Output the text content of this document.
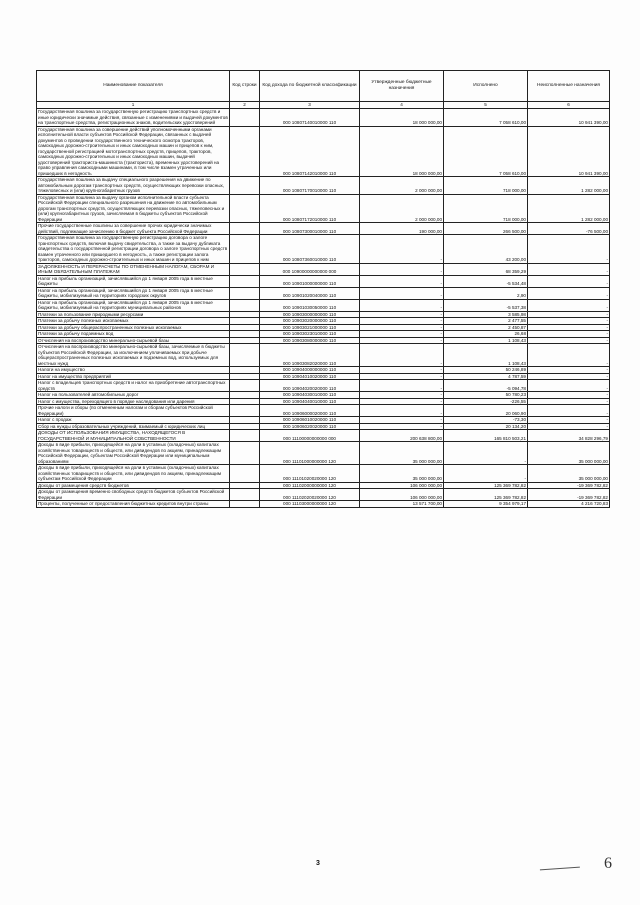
Наименование показателя	Код строки	Код дохода по бюджетной классификации	Утвержденные бюджетные назначения	Исполнено	Неисполненные назначения
1	2	3	4	5	6
Государственная пошлина за государственную регистрацию транспортных средств и иные юридически значимые действия, связанные с изменениями и выдачей документов на транспортные средства, регистрационных знаков, водительских удостоверений		000 10807140010000 110	18 000 000,00	7 058 610,00	10 941 390,00
Государственная пошлина за совершение действий уполномоченными органами исполнительной власти субъектов Российской Федерации, связанных с выдачей документов о проведении государственного технического осмотра тракторов, самоходных дорожно-строительных и иных самоходных машин и прицепов к ним, государственной регистрацией мототранспортных средств, прицепов, тракторов, самоходных дорожно-строительных и иных самоходных машин, выдачей удостоверений тракториста-машиниста (тракториста), временных удостоверений на право управления самоходными машинами, в том числе взамен утраченных или пришедших в негодность		000 10807142010000 110	18 000 000,00	7 058 610,00	10 941 390,00
Государственная пошлина за выдачу специального разрешения на движение по автомобильным дорогам транспортных средств, осуществляющих перевозки опасных, тяжеловесных и (или) крупногабаритных грузов		000 10807170010000 110	2 000 000,00	718 000,00	1 282 000,00
Государственная пошлина за выдачу органом исполнительной власти субъекта Российской Федерации специального разрешения на движение по автомобильным дорогам транспортных средств, осуществляющих перевозки опасных, тяжеловесных и (или) крупногабаритных грузов, зачисляемая в бюджеты субъектов Российской Федерации		000 10807172010000 110	2 000 000,00	718 000,00	1 282 000,00
Прочие государственные пошлины за совершение прочих юридически значимых действий, подлежащие зачислению в бюджет субъекта Российской Федерации		000 10807300010000 110	190 000,00	266 500,00	-76 500,00
Государственная пошлина за государственную регистрацию договора о залоге транспортных средств, включая выдачу свидетельства, а также за выдачу дубликата свидетельства о государственной регистрации договора о залоге транспортных средств взамен утраченного или пришедшего в негодность, а также регистрации залога тракторов, самоходных дорожно-строительных и иных машин и прицепов к ним		000 10807360010000 110	-	43 200,00	-
ЗАДОЛЖЕННОСТЬ И ПЕРЕРАСЧЕТЫ ПО ОТМЕНЕННЫМ НАЛОГАМ, СБОРАМ И ИНЫМ ОБЯЗАТЕЛЬНЫМ ПЛАТЕЖАМ		000 10900000000000 000	-	68 359,29	-
Налог на прибыль организаций, зачислявшийся до 1 января 2005 года в местные бюджеты		000 10901000000000 110	-	-5 534,48	-
Налог на прибыль организаций, зачислявшийся до 1 января 2005 года в местные бюджеты, мобилизуемый на территориях городских округов		000 10901020040000 110	-	2,90	-
Налог на прибыль организаций, зачислявшийся до 1 января 2005 года в местные бюджеты, мобилизуемый на территориях муниципальных районов		000 10901030050000 110	-	-5 537,38	-
Платежи за пользование природными ресурсами		000 10903000000000 110	-	3 585,98	-
Платежи за добычу полезных ископаемых		000 10903020000000 110	-	2 477,55	-
Платежи за добычу общераспространенных полезных ископаемых		000 10903021000000 110	-	2 450,87	-
Платежи за добычу подземных вод		000 10903023010000 110	-	26,68	-
Отчисления на воспроизводство минерально-сырьевой базы		000 10903080000000 110	-	1 108,43	-
Отчисления на воспроизводство минерально-сырьевой базы, зачисляемые в бюджеты субъектов Российской Федерации, за исключением уплачиваемых при добыче общераспространенных полезных ископаемых и подземных вод, используемых для местных нужд		000 10903082020000 110	-	1 108,43	-
Налоги на имущество		000 10904000000000 110	-	50 246,89	-
Налог на имущество предприятий		000 10904010020000 110	-	4 787,59	-
Налог с владельцев транспортных средств и налог на приобретение автотранспортных средств		000 10904020020000 110	-	-5 094,78	-
Налог на пользователей автомобильных дорог		000 10904030010000 110	-	50 780,23	-
Налог с имущества, переходящего в порядке наследования или дарения		000 10904040010000 110	-	-226,55	-
Прочие налоги и сборы (по отмененным налогам и сборам субъектов Российской Федерации)		000 10906000020000 110	-	20 060,90	-
Налог с продаж		000 10906010020000 110	-	-73,30	-
Сбор на нужды образовательных учреждений, взимаемый с юридических лиц		000 10906020020000 110	-	20 134,20	-
ДОХОДЫ ОТ ИСПОЛЬЗОВАНИЯ ИМУЩЕСТВА, НАХОДЯЩЕГОСЯ В ГОСУДАРСТВЕННОЙ И МУНИЦИПАЛЬНОЙ СОБСТВЕННОСТИ		000 11100000000000 000	200 638 800,00	165 810 503,21	34 828 296,79
Доходы в виде прибыли, приходящейся на доли в уставных (складочных) капиталах хозяйственных товариществ и обществ, или дивидендов по акциям, принадлежащим Российской Федерации, субъектам Российской Федерации или муниципальным образованиям		000 11101000000000 120	35 000 000,00	-	35 000 000,00
Доходы в виде прибыли, приходящейся на доли в уставных (складочных) капиталах хозяйственных товариществ и обществ, или дивидендов по акциям, принадлежащим субъектам Российской Федерации		000 11101020020000 120	35 000 000,00	-	35 000 000,00
Доходы от размещения средств бюджетов		000 11102000000000 120	106 000 000,00	125 369 782,82	-19 369 782,82
Доходы от размещения временно свободных средств бюджетов субъектов Российской Федерации		000 11102020020000 120	106 000 000,00	125 369 782,82	-19 369 782,82
Проценты, полученные от предоставления бюджетных кредитов внутри страны		000 11103000000000 120	13 571 700,00	9 354 979,17	4 216 720,83
3	6
